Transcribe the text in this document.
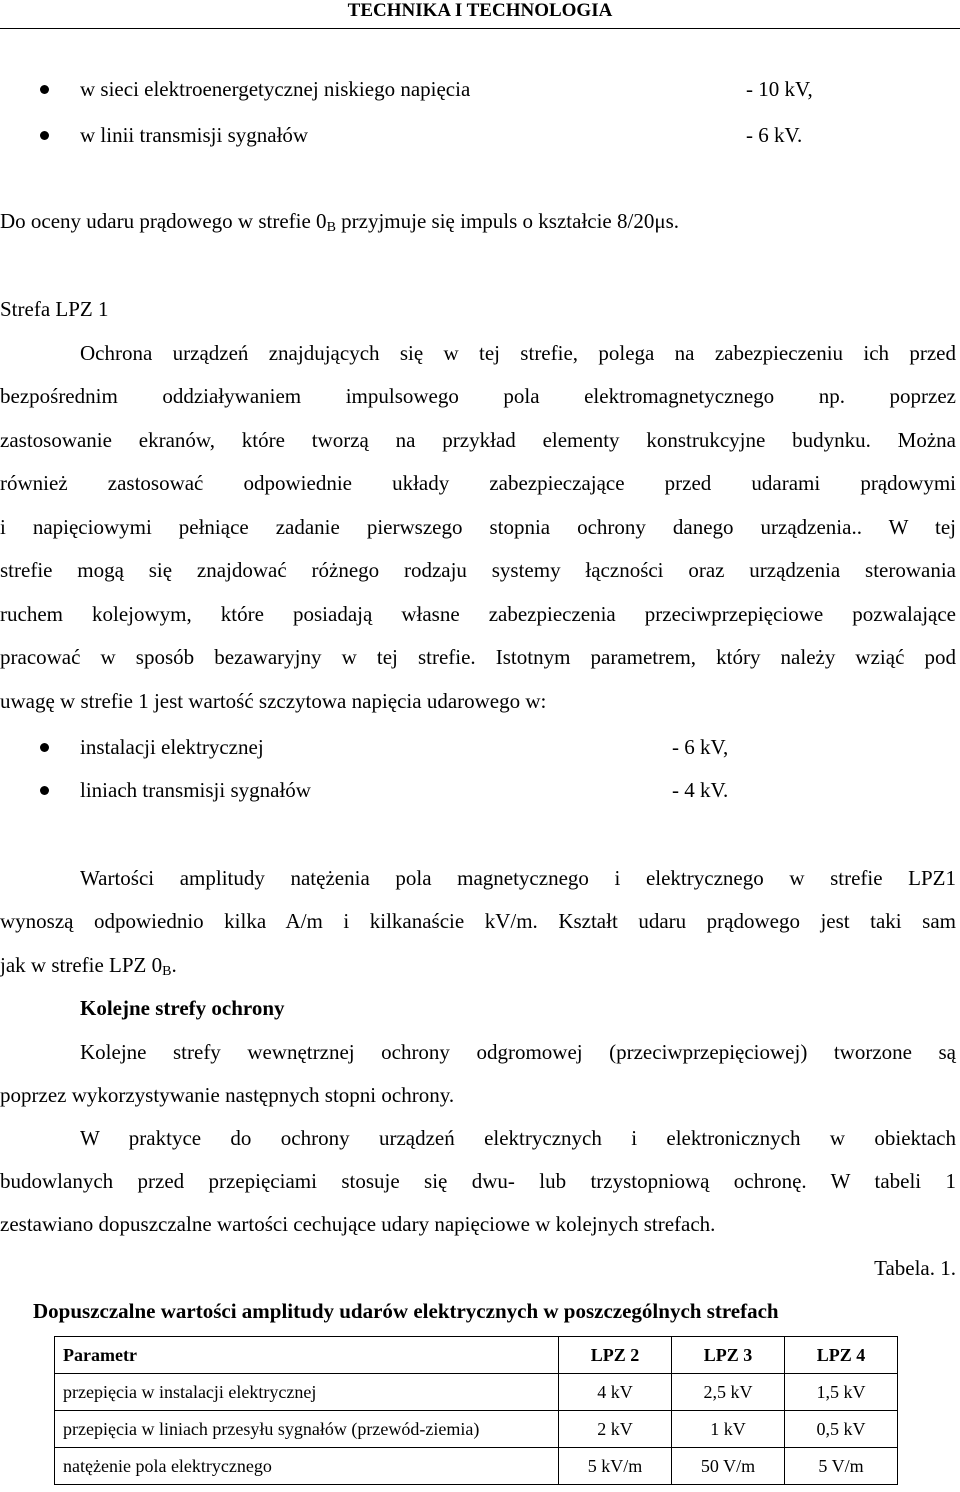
TECHNIKA I TECHNOLOGIA
w sieci elektroenergetycznej niskiego napięcia	- 10 kV,
w linii transmisji sygnałów	- 6 kV.
Do oceny udaru prądowego w strefie $0_B$ przyjmuje się impuls o kształcie 8/20μs.
Strefa LPZ 1
Ochrona urządzeń znajdujących się w tej strefie, polega na zabezpieczeniu ich przed
bezpośrednim oddziaływaniem impulsowego pola elektromagnetycznego np. poprzez
zastosowanie ekranów, które tworzą na przykład elementy konstrukcyjne budynku. Można
również zastosować odpowiednie układy zabezpieczające przed udarami prądowymi
i napięciowymi pełniące zadanie pierwszego stopnia ochrony danego urządzenia.. W tej
strefie mogą się znajdować różnego rodzaju systemy łączności oraz urządzenia sterowania
ruchem kolejowym, które posiadają własne zabezpieczenia przeciwprzepięciowe pozwalające
pracować w sposób bezawaryjny w tej strefie. Istotnym parametrem, który należy wziąć pod
uwagę w strefie 1 jest wartość szczytowa napięcia udarowego w:
instalacji elektrycznej	- 6 kV,
liniach transmisji sygnałów	- 4 kV.
Wartości amplitudy natężenia pola magnetycznego i elektrycznego w strefie LPZ1
wynoszą odpowiednio kilka A/m i kilkanaście kV/m. Kształt udaru prądowego jest taki sam
jak w strefie LPZ $0_B$.
Kolejne strefy ochrony
Kolejne strefy wewnętrznej ochrony odgromowej (przeciwprzepięciowej) tworzone są
poprzez wykorzystywanie następnych stopni ochrony.
W praktyce do ochrony urządzeń elektrycznych i elektronicznych w obiektach
budowlanych przed przepięciami stosuje się dwu- lub trzystopniową ochronę. W tabeli 1
zestawiano dopuszczalne wartości cechujące udary napięciowe w kolejnych strefach.
Tabela. 1.
Dopuszczalne wartości amplitudy udarów elektrycznych w poszczególnych strefach
Parametr	LPZ 2	LPZ 3	LPZ 4
przepięcia w instalacji elektrycznej	4 kV	2,5 kV	1,5 kV
przepięcia w liniach przesyłu sygnałów (przewód-ziemia)	2 kV	1 kV	0,5 kV
natężenie pola elektrycznego	5 kV/m	50 V/m	5 V/m
